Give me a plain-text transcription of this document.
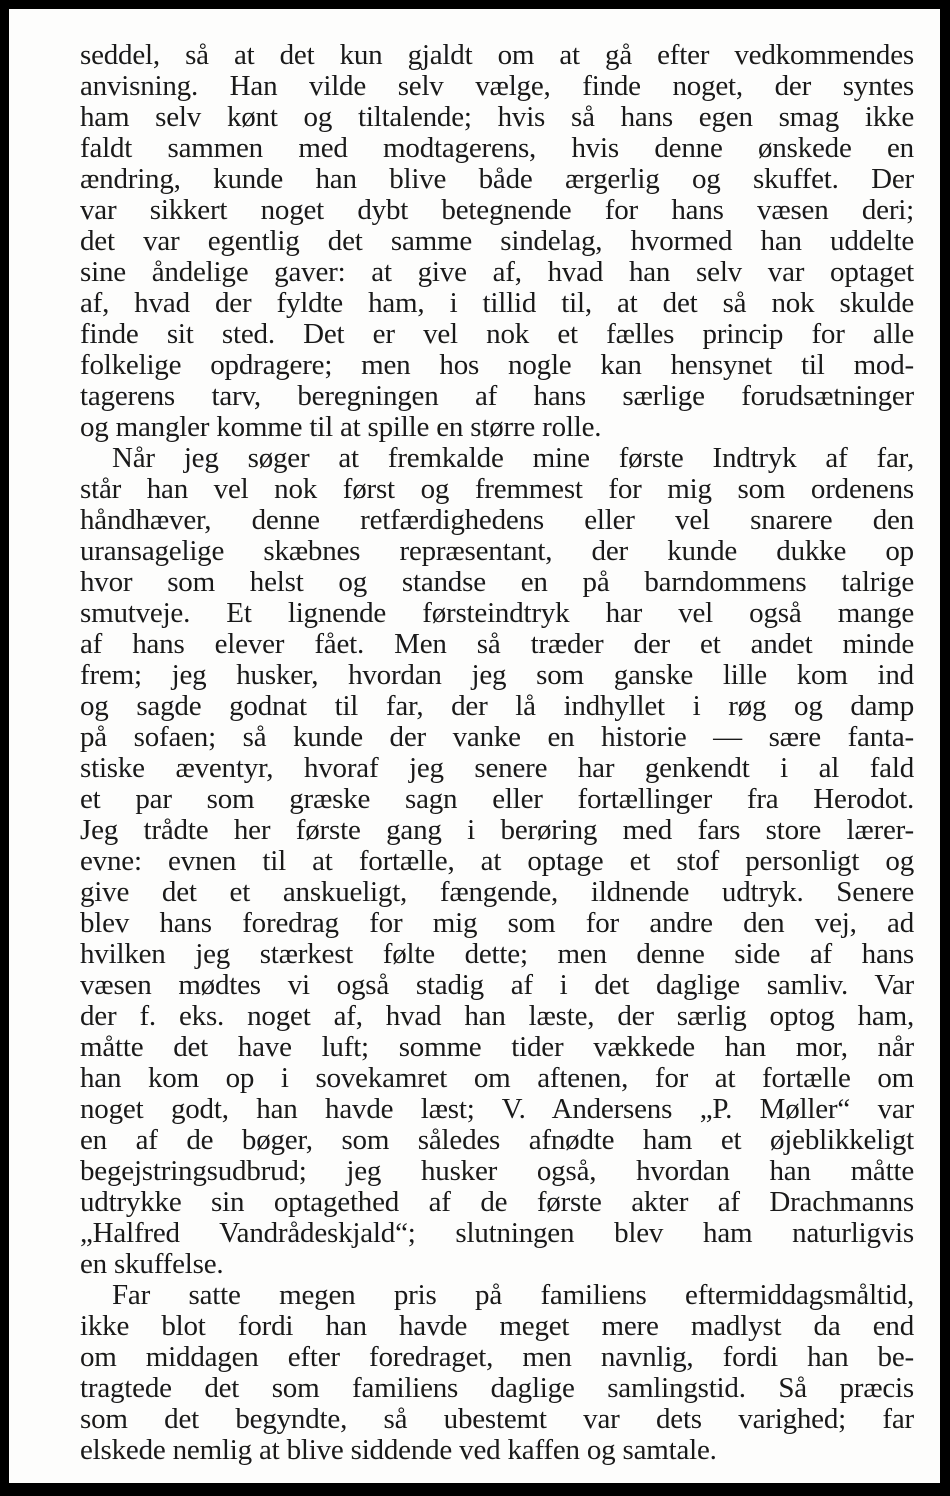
seddel, så at det kun gjaldt om at gå efter vedkommendes
anvisning. Han vilde selv vælge, finde noget, der syntes
ham selv kønt og tiltalende; hvis så hans egen smag ikke
faldt sammen med modtagerens, hvis denne ønskede en
ændring, kunde han blive både ærgerlig og skuffet. Der
var sikkert noget dybt betegnende for hans væsen deri;
det var egentlig det samme sindelag, hvormed han uddelte
sine åndelige gaver: at give af, hvad han selv var optaget
af, hvad der fyldte ham, i tillid til, at det så nok skulde
finde sit sted. Det er vel nok et fælles princip for alle
folkelige opdragere; men hos nogle kan hensynet til mod-
tagerens tarv, beregningen af hans særlige forudsætninger
og mangler komme til at spille en større rolle.
Når jeg søger at fremkalde mine første Indtryk af far,
står han vel nok først og fremmest for mig som ordenens
håndhæver, denne retfærdighedens eller vel snarere den
uransagelige skæbnes repræsentant, der kunde dukke op
hvor som helst og standse en på barndommens talrige
smutveje. Et lignende førsteindtryk har vel også mange
af hans elever fået. Men så træder der et andet minde
frem; jeg husker, hvordan jeg som ganske lille kom ind
og sagde godnat til far, der lå indhyllet i røg og damp
på sofaen; så kunde der vanke en historie — sære fanta-
stiske æventyr, hvoraf jeg senere har genkendt i al fald
et par som græske sagn eller fortællinger fra Herodot.
Jeg trådte her første gang i berøring med fars store lærer-
evne: evnen til at fortælle, at optage et stof personligt og
give det et anskueligt, fængende, ildnende udtryk. Senere
blev hans foredrag for mig som for andre den vej, ad
hvilken jeg stærkest følte dette; men denne side af hans
væsen mødtes vi også stadig af i det daglige samliv. Var
der f. eks. noget af, hvad han læste, der særlig optog ham,
måtte det have luft; somme tider vækkede han mor, når
han kom op i sovekamret om aftenen, for at fortælle om
noget godt, han havde læst; V. Andersens „P. Møller“ var
en af de bøger, som således afnødte ham et øjeblikkeligt
begejstringsudbrud; jeg husker også, hvordan han måtte
udtrykke sin optagethed af de første akter af Drachmanns
„Halfred Vandrådeskjald“; slutningen blev ham naturligvis
en skuffelse.
Far satte megen pris på familiens eftermiddagsmåltid,
ikke blot fordi han havde meget mere madlyst da end
om middagen efter foredraget, men navnlig, fordi han be-
tragtede det som familiens daglige samlingstid. Så præcis
som det begyndte, så ubestemt var dets varighed; far
elskede nemlig at blive siddende ved kaffen og samtale.
